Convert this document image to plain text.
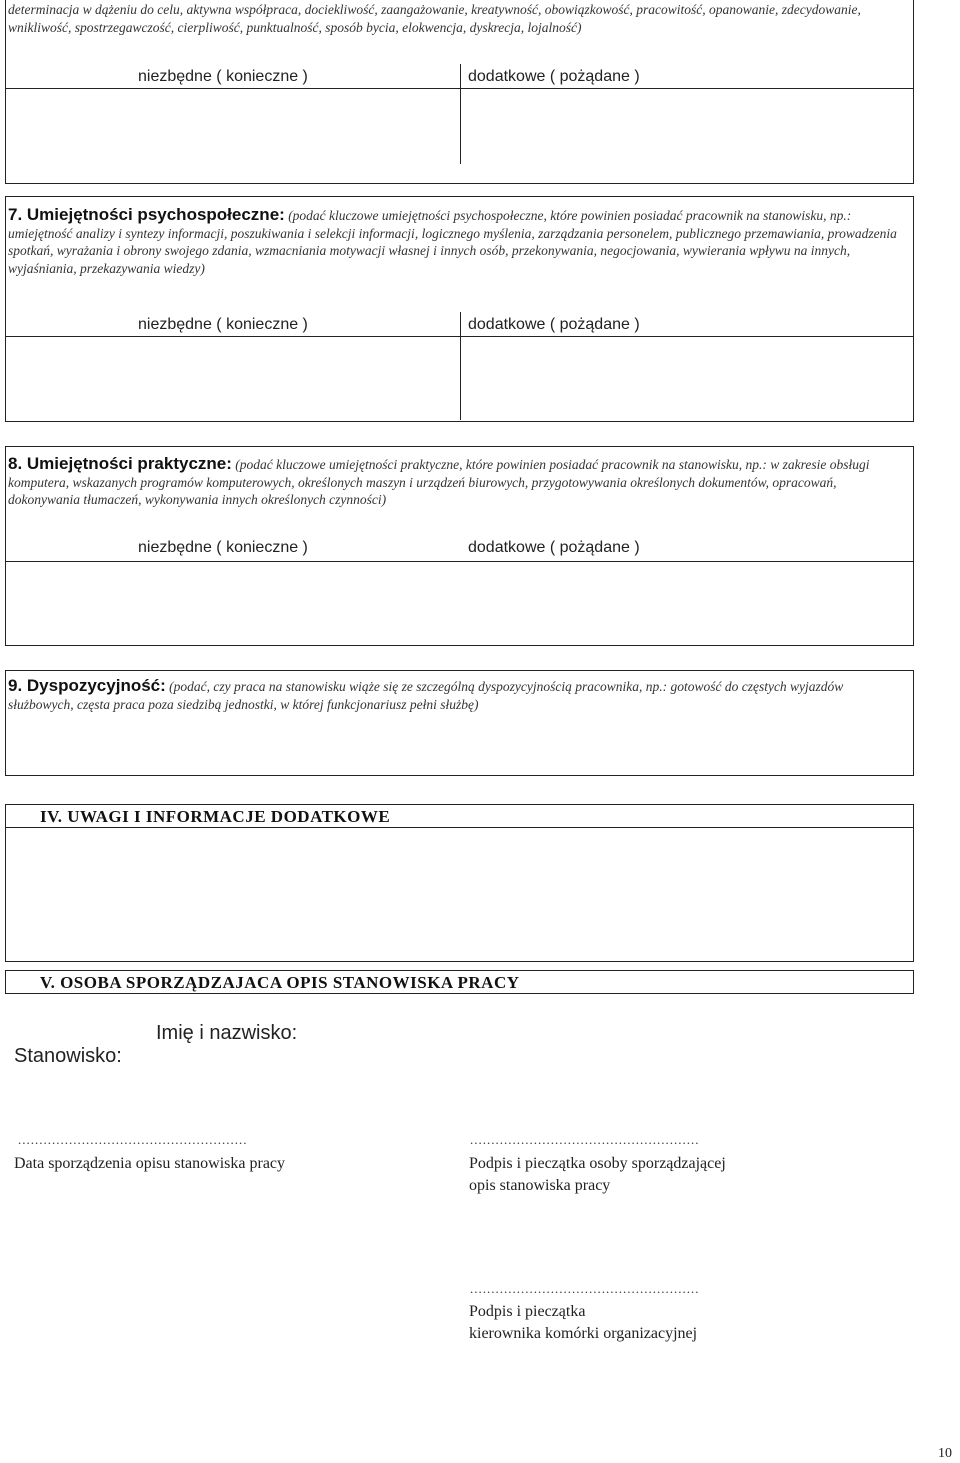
determinacja w dążeniu do celu, aktywna współpraca, dociekliwość, zaangażowanie, kreatywność, obowiązkowość, pracowitość, opanowanie, zdecydowanie, wnikliwość, spostrzegawczość, cierpliwość, punktualność, sposób bycia, elokwencja, dyskrecja, lojalność)
niezbędne ( konieczne )	dodatkowe ( pożądane )
7. Umiejętności psychospołeczne: (podać kluczowe umiejętności psychospołeczne, które powinien posiadać pracownik na stanowisku, np.: umiejętność analizy i syntezy informacji, poszukiwania i selekcji informacji, logicznego myślenia, zarządzania personelem, publicznego przemawiania, prowadzenia spotkań, wyrażania i obrony swojego zdania, wzmacniania motywacji własnej i innych osób, przekonywania, negocjowania, wywierania wpływu na innych, wyjaśniania, przekazywania wiedzy)
niezbędne ( konieczne )	dodatkowe ( pożądane )
8. Umiejętności praktyczne: (podać kluczowe umiejętności praktyczne, które powinien posiadać pracownik na stanowisku, np.: w zakresie obsługi komputera, wskazanych programów komputerowych, określonych maszyn i urządzeń biurowych, przygotowywania określonych dokumentów, opracowań, dokonywania tłumaczeń, wykonywania innych określonych czynności)
niezbędne ( konieczne )	dodatkowe ( pożądane )
9. Dyspozycyjność: (podać, czy praca na stanowisku wiąże się ze szczególną dyspozycyjnością pracownika, np.: gotowość do częstych wyjazdów służbowych, częsta praca poza siedzibą jednostki, w której funkcjonariusz pełni służbę)
IV. UWAGI I INFORMACJE DODATKOWE
V. OSOBA SPORZĄDZAJACA OPIS STANOWISKA PRACY
Imię i nazwisko:
Stanowisko:
......................................................
Data sporządzenia opisu stanowiska pracy
......................................................
Podpis i pieczątka osoby sporządzającej
opis stanowiska pracy
......................................................
Podpis i pieczątka
kierownika komórki organizacyjnej
10
